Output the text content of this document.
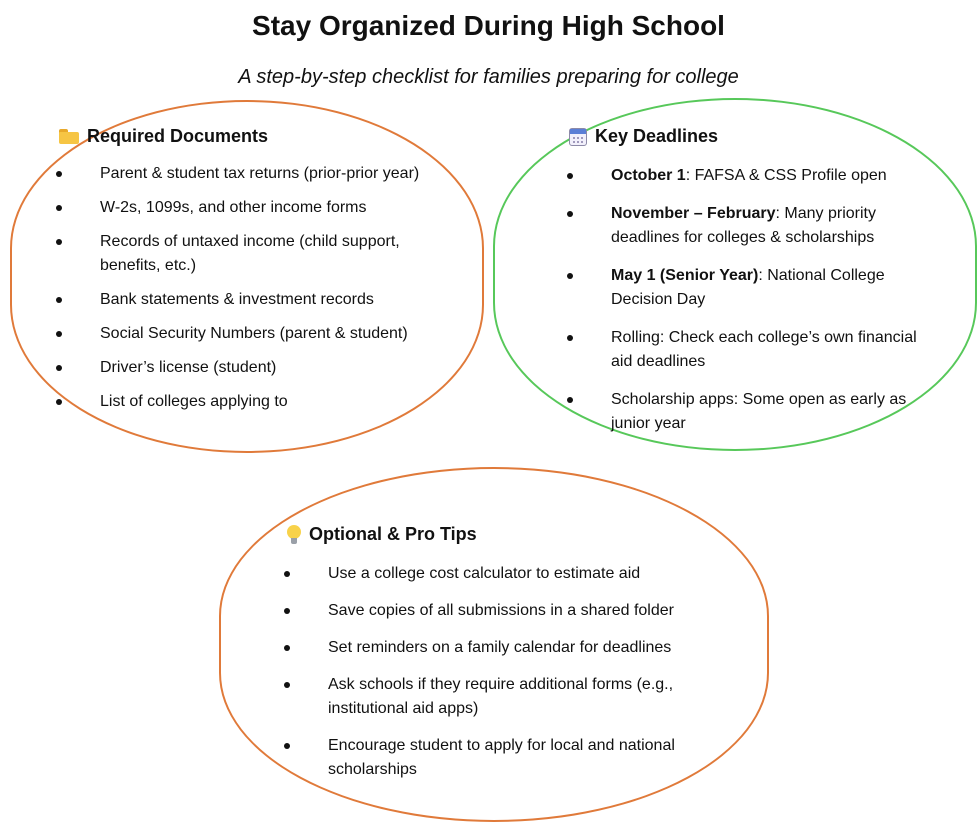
Stay Organized During High School
A step-by-step checklist for families preparing for college
Required Documents
Parent & student tax returns (prior-prior year)
W-2s, 1099s, and other income forms
Records of untaxed income (child support, benefits, etc.)
Bank statements & investment records
Social Security Numbers (parent & student)
Driver’s license (student)
List of colleges applying to
Key Deadlines
October 1: FAFSA & CSS Profile open
November – February: Many priority deadlines for colleges & scholarships
May 1 (Senior Year): National College Decision Day
Rolling: Check each college’s own financial aid deadlines
Scholarship apps: Some open as early as junior year
Optional & Pro Tips
Use a college cost calculator to estimate aid
Save copies of all submissions in a shared folder
Set reminders on a family calendar for deadlines
Ask schools if they require additional forms (e.g., institutional aid apps)
Encourage student to apply for local and national scholarships
